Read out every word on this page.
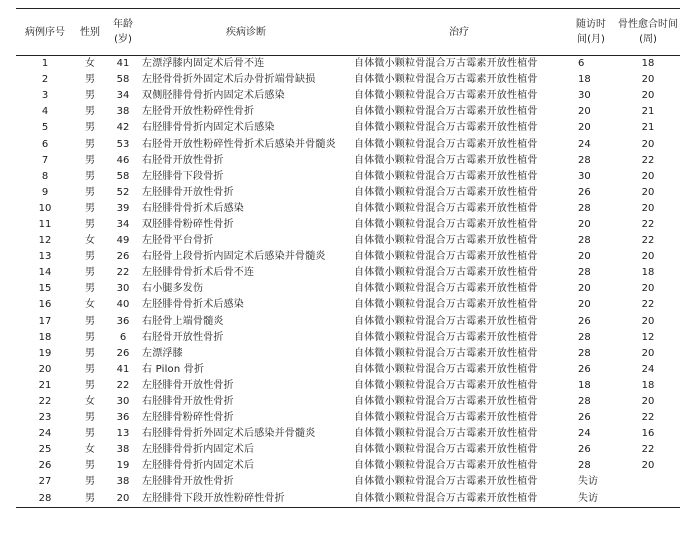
病例序号	性别	年龄
(岁)	疾病诊断	治疗	随访时
间(月)	骨性愈合时间
(周)

1	女	41	左漂浮膝内固定术后骨不连	自体微小颗粒骨混合万古霉素开放性植骨	6	18
2	男	58	左胫骨骨折外固定术后办骨折端骨缺损	自体微小颗粒骨混合万古霉素开放性植骨	18	20
3	男	34	双侧胫腓骨骨折内固定术后感染	自体微小颗粒骨混合万古霉素开放性植骨	30	20
4	男	38	左胫骨开放性粉碎性骨折	自体微小颗粒骨混合万古霉素开放性植骨	20	21
5	男	42	右胫腓骨骨折内固定术后感染	自体微小颗粒骨混合万古霉素开放性植骨	20	21
6	男	53	右胫骨开放性粉碎性骨折术后感染并骨髓炎	自体微小颗粒骨混合万古霉素开放性植骨	24	20
7	男	46	右胫骨开放性骨折	自体微小颗粒骨混合万古霉素开放性植骨	28	22
8	男	58	左胫腓骨下段骨折	自体微小颗粒骨混合万古霉素开放性植骨	30	20
9	男	52	左胫腓骨开放性骨折	自体微小颗粒骨混合万古霉素开放性植骨	26	20
10	男	39	右胫腓骨骨折术后感染	自体微小颗粒骨混合万古霉素开放性植骨	28	20
11	男	34	双胫腓骨粉碎性骨折	自体微小颗粒骨混合万古霉素开放性植骨	20	22
12	女	49	左胫骨平台骨折	自体微小颗粒骨混合万古霉素开放性植骨	28	22
13	男	26	右胫骨上段骨折内固定术后感染并骨髓炎	自体微小颗粒骨混合万古霉素开放性植骨	20	20
14	男	22	左胫腓骨骨折术后骨不连	自体微小颗粒骨混合万古霉素开放性植骨	28	18
15	男	30	右小腿多发伤	自体微小颗粒骨混合万古霉素开放性植骨	20	20
16	女	40	左胫腓骨骨折术后感染	自体微小颗粒骨混合万古霉素开放性植骨	20	22
17	男	36	右胫骨上端骨髓炎	自体微小颗粒骨混合万古霉素开放性植骨	26	20
18	男	6	右胫骨开放性骨折	自体微小颗粒骨混合万古霉素开放性植骨	28	12
19	男	26	左漂浮膝	自体微小颗粒骨混合万古霉素开放性植骨	28	20
20	男	41	右 Pilon 骨折	自体微小颗粒骨混合万古霉素开放性植骨	26	24
21	男	22	左胫腓骨开放性骨折	自体微小颗粒骨混合万古霉素开放性植骨	18	18
22	女	30	右胫腓骨开放性骨折	自体微小颗粒骨混合万古霉素开放性植骨	28	20
23	男	36	左胫腓骨粉碎性骨折	自体微小颗粒骨混合万古霉素开放性植骨	26	22
24	男	13	右胫腓骨骨折外固定术后感染并骨髓炎	自体微小颗粒骨混合万古霉素开放性植骨	24	16
25	女	38	左胫腓骨骨折内固定术后	自体微小颗粒骨混合万古霉素开放性植骨	26	22
26	男	19	左胫腓骨骨折内固定术后	自体微小颗粒骨混合万古霉素开放性植骨	28	20
27	男	38	左胫腓骨开放性骨折	自体微小颗粒骨混合万古霉素开放性植骨	失访	
28	男	20	左胫腓骨下段开放性粉碎性骨折	自体微小颗粒骨混合万古霉素开放性植骨	失访	
